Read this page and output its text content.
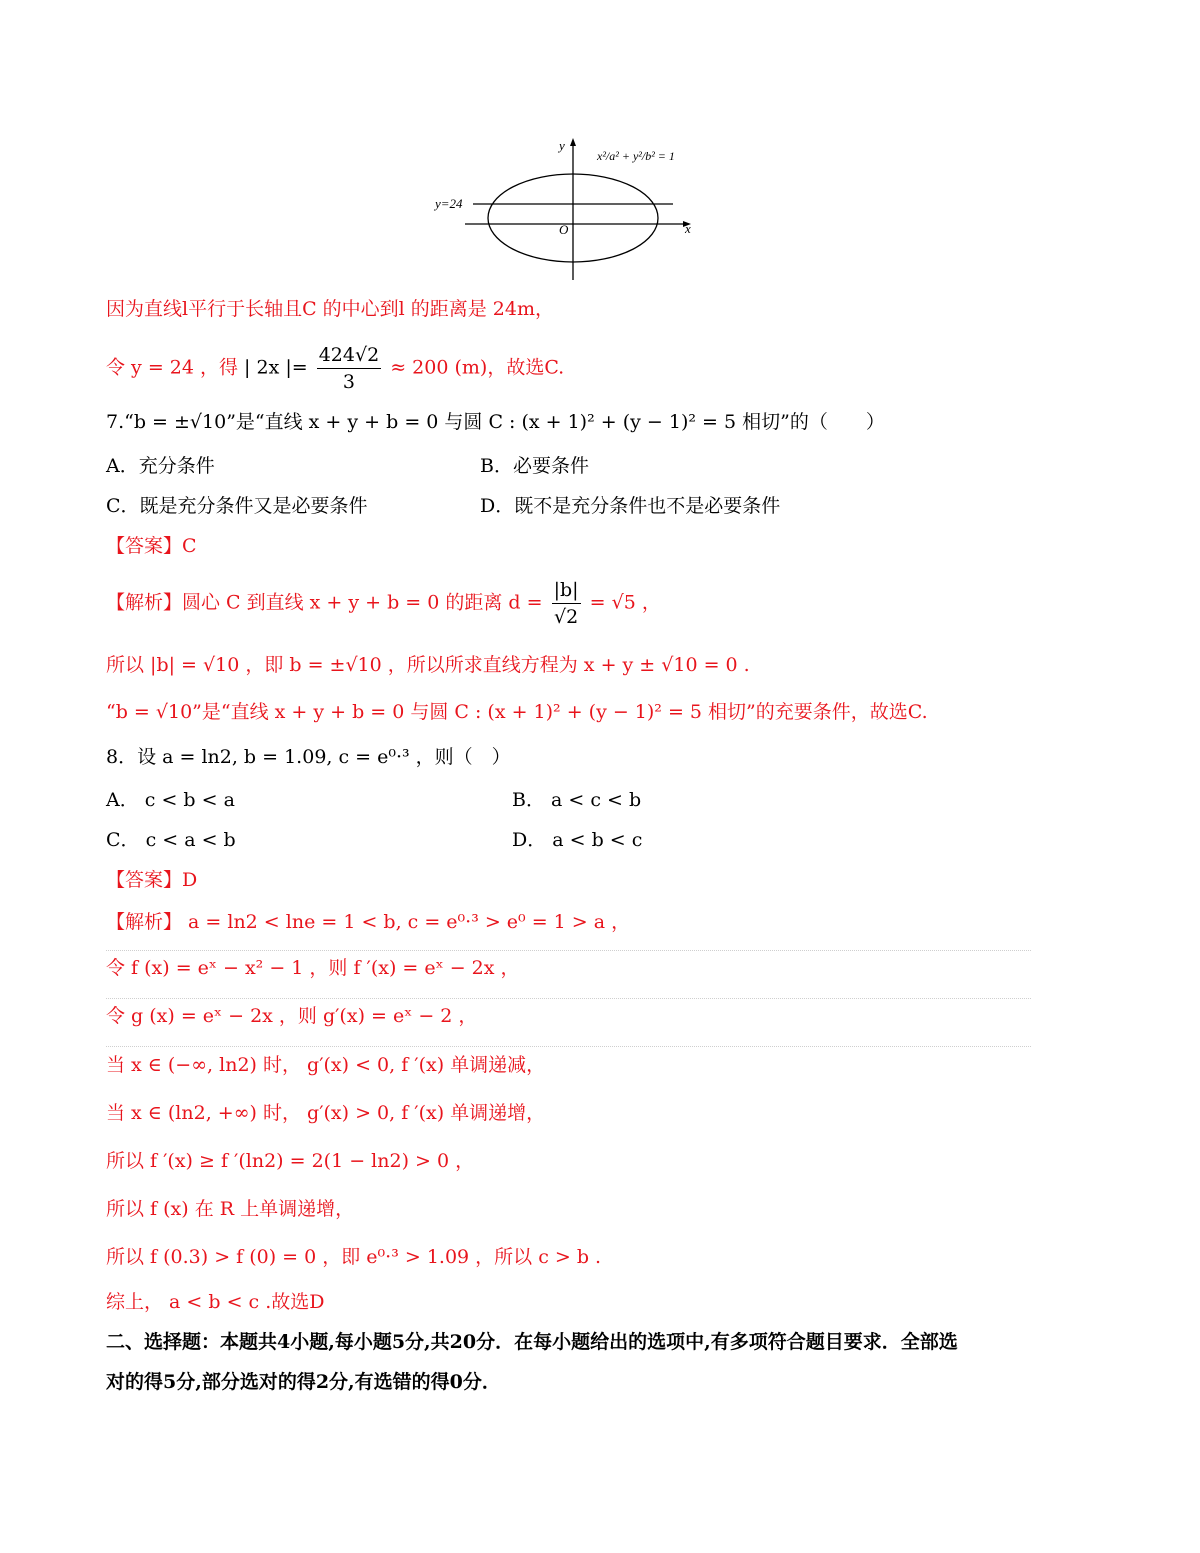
y
x
O
y=24
x²/a² + y²/b² = 1
因为直线l平行于长轴且C 的中心到l 的距离是 24m，
令 y = 24 ，得 | 2x |= $\frac{424√2}{3} \approx 200$ (m)，故选C.
7.“b = ±√10”是“直线 x + y + b = 0 与圆 C : (x + 1)² + (y − 1)² = 5 相切”的（　　）
A．充分条件	B．必要条件
C．既是充分条件又是必要条件	D．既不是充分条件也不是必要条件
【答案】C
【解析】圆心 C 到直线 x + y + b = 0 的距离 $d = \frac{|b|}{√2} = √5$ ，
所以 |b| = √10 ，即 b = ±√10 ，所以所求直线方程为 x + y ± √10 = 0 .
“b = √10”是“直线 x + y + b = 0 与圆 C : (x + 1)² + (y − 1)² = 5 相切”的充要条件，故选C.
8．设 a = ln2, b = 1.09, c = e⁰·³ ，则（　）
A． c < b < a	B． a < c < b
C． c < a < b	D． a < b < c
【答案】D
【解析】 a = ln2 < lne = 1 < b, c = e⁰·³ > e⁰ = 1 > a ，
令 f (x) = eˣ − x² − 1 ，则 f ′(x) = eˣ − 2x ，
令 g (x) = eˣ − 2x ，则 g′(x) = eˣ − 2 ，
当 x ∈ (−∞, ln2) 时， g′(x) < 0, f ′(x) 单调递减，
当 x ∈ (ln2, +∞) 时， g′(x) > 0, f ′(x) 单调递增，
所以 f ′(x) ≥ f ′(ln2) = 2(1 − ln2) > 0 ，
所以 f (x) 在 R 上单调递增，
所以 f (0.3) > f (0) = 0 ，即 e⁰·³ > 1.09 ，所以 c > b .
综上， a < b < c .故选D
二、选择题：本题共4小题,每小题5分,共20分．在每小题给出的选项中,有多项符合题目要求．全部选
对的得5分,部分选对的得2分,有选错的得0分．
